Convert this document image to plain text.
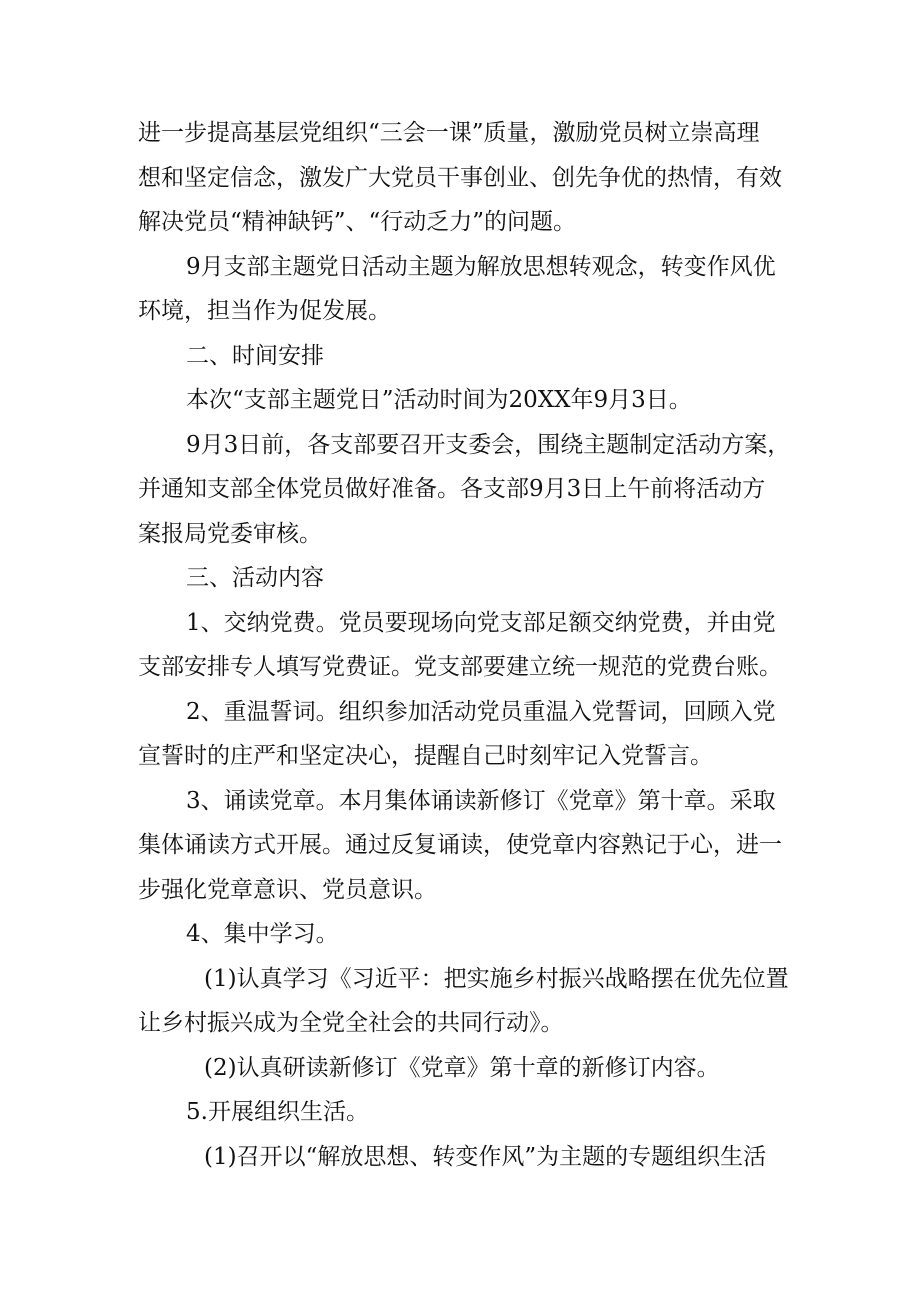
进一步提高基层党组织“三会一课”质量，激励党员树立崇高理
想和坚定信念，激发广大党员干事创业、创先争优的热情，有效
解决党员“精神缺钙”、“行动乏力”的问题。
9月支部主题党日活动主题为解放思想转观念，转变作风优
环境，担当作为促发展。
二、时间安排
本次“支部主题党日”活动时间为20XX年9月3日。
9月3日前，各支部要召开支委会，围绕主题制定活动方案，
并通知支部全体党员做好准备。各支部9月3日上午前将活动方
案报局党委审核。
三、活动内容
1、交纳党费。党员要现场向党支部足额交纳党费，并由党
支部安排专人填写党费证。党支部要建立统一规范的党费台账。
2、重温誓词。组织参加活动党员重温入党誓词，回顾入党
宣誓时的庄严和坚定决心，提醒自己时刻牢记入党誓言。
3、诵读党章。本月集体诵读新修订《党章》第十章。采取
集体诵读方式开展。通过反复诵读，使党章内容熟记于心，进一
步强化党章意识、党员意识。
4、集中学习。
(1)认真学习《习近平：把实施乡村振兴战略摆在优先位置
让乡村振兴成为全党全社会的共同行动》。
(2)认真研读新修订《党章》第十章的新修订内容。
5.开展组织生活。
(1)召开以“解放思想、转变作风”为主题的专题组织生活
